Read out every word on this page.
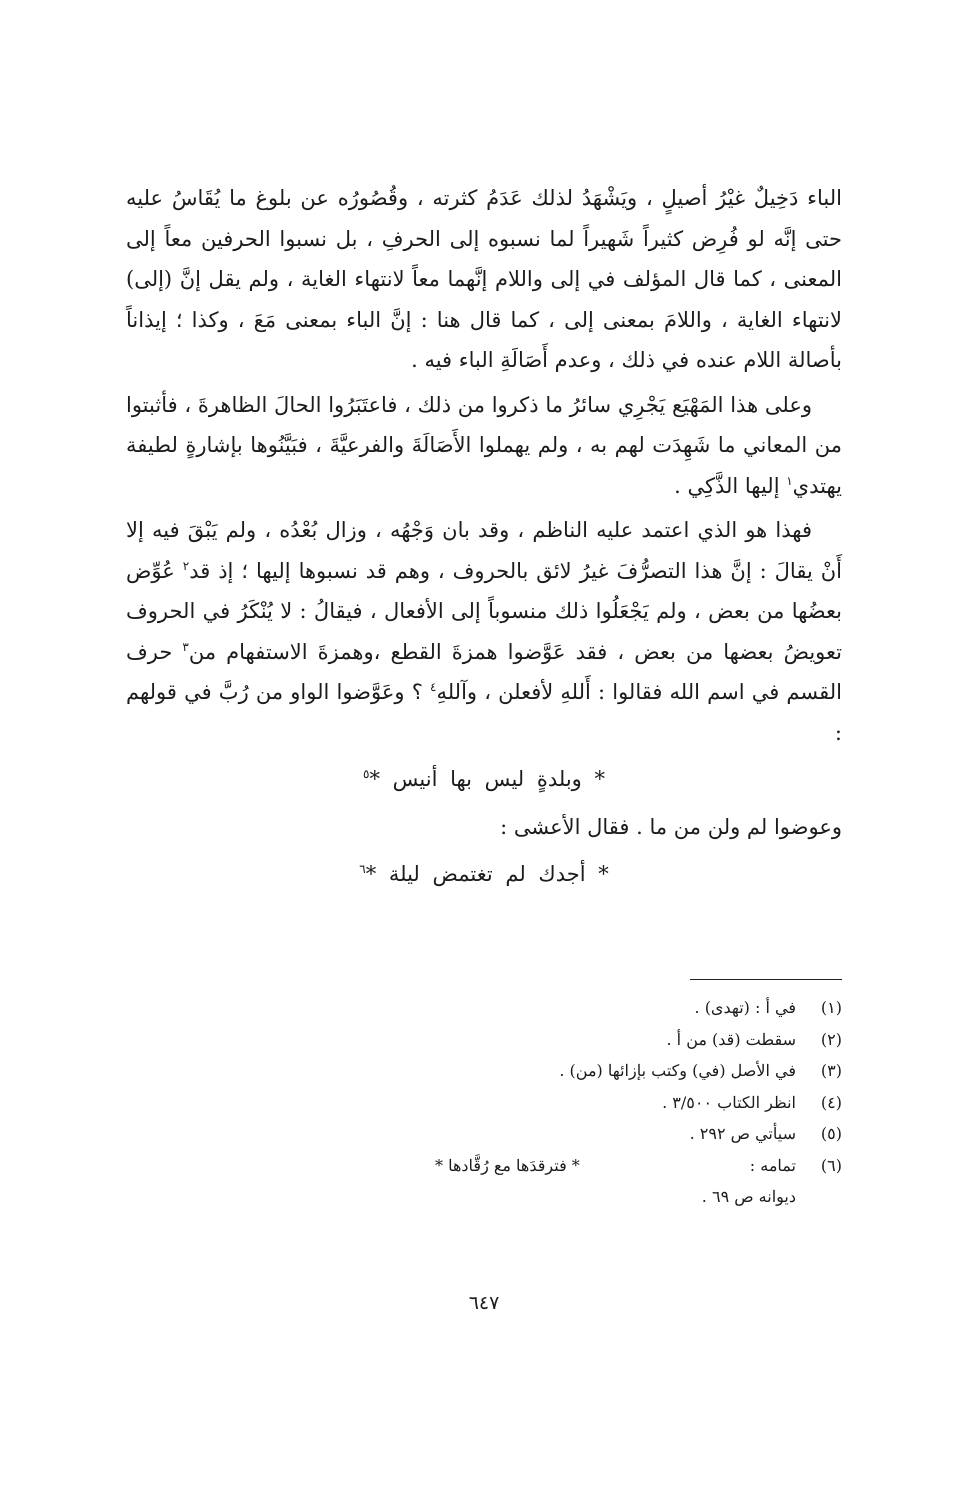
الباء دَخِيلٌ غيْرُ أصيلٍ ، ويَشْهَدُ لذلك عَدَمُ كثرته ، وقُصُورُه عن بلوغ ما يُقَاسُ عليه حتى إنَّه لو فُرِض كثيراً شَهيراً لما نسبوه إلى الحرفِ ، بل نسبوا الحرفين معاً إلى المعنى ، كما قال المؤلف في إلى واللام إنَّهما معاً لانتهاء الغاية ، ولم يقل إنَّ (إلى) لانتهاء الغاية ، واللامَ بمعنى إلى ، كما قال هنا : إنَّ الباء بمعنى مَعَ ، وكذا ؛ إيذاناً بأصالة اللام عنده في ذلك ، وعدم أَصَالَةِ الباء فيه .

وعلى هذا المَهْيَع يَجْرِي سائرُ ما ذكروا من ذلك ، فاعتَبَرُوا الحالَ الظاهرةَ ، فأثبتوا من المعاني ما شَهِدَت لهم به ، ولم يهملوا الأَصَالَةَ والفرعيَّةَ ، فبَيَّنُوها بإشارةٍ لطيفة يهتدي$^١$ إليها الذَّكِي .

فهذا هو الذي اعتمد عليه الناظم ، وقد بان وَجْهُه ، وزال بُعْدُه ، ولم يَبْقَ فيه إلا أَنْ يقالَ : إنَّ هذا التصرُّفَ غيرُ لائق بالحروف ، وهم قد نسبوها إليها ؛ إذ قد$^٢$ عُوِّض بعضُها من بعض ، ولم يَجْعَلُوا ذلك منسوباً إلى الأفعال ، فيقالُ : لا يُنْكَرُ في الحروف تعويضُ بعضها من بعض ، فقد عَوَّضوا همزةَ القطع ،وهمزةَ الاستفهام من$^٣$ حرف القسم في اسم الله فقالوا : أَللهِ لأفعلن ، وآللهِ$^٤$ ؟ وعَوَّضوا الواو من رُبَّ في قولهم :

* وبلدةٍ ليس بها أنيس *$^٥$

وعوضوا لم ولن من ما . فقال الأعشى :

* أجدك لم تغتمض ليلة *$^٦$
(١)
في أ : (تهدى) .
(٢)
سقطت (قد) من أ .
(٣)
في الأصل (في) وكتب بإزائها (من) .
(٤)
انظر الكتاب ٣/٥٠٠ .
(٥)
سيأتي ص ٢٩٢ .
(٦)
تمامه :
* فترقدَها مع رُقَّادها *
ديوانه ص ٦٩ .
٦٤٧
